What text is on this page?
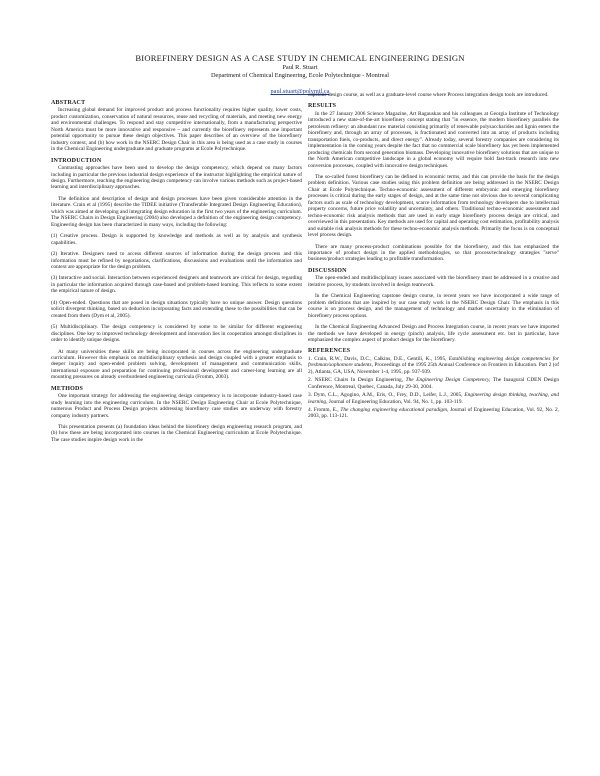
BIOREFINERY DESIGN AS A CASE STUDY IN CHEMICAL ENGINEERING DESIGN
Paul R. Stuart
Department of Chemical Engineering, Ecole Polytechnique - Montreal
paul.stuart@polymtl.ca
ABSTRACT

Increasing global demand for improved product and process functionality requires higher quality, lower costs, product customization, conservation of natural resources, reuse and recycling of materials, and meeting new energy and environmental challenges. To respond and stay competitive internationally, from a manufacturing perspective North America must be more innovative and responsive – and currently the biorefinery represents one important potential opportunity to pursue these design objectives. This paper describes of an overview of the biorefinery industry context, and (b) how work in the NSERC Design Chair in this area is being used as a case study in courses in the Chemical Engineering undergraduate and graduate programs at Ecole Polytechnique.

INTRODUCTION

Contrasting approaches have been used to develop the design competency, which depend on many factors including in particular the previous industrial design experience of the instructor highlighting the empirical nature of design. Furthermore, teaching the engineering design competency can involve various methods such as project-based learning and interdisciplinary approaches.

The definition and description of design and design processes have been given considerable attention in the literature. Crain et al (1995) describe the TIDEE initiative (Transferable Integrated Design Engineering Education), which was aimed at developing and integrating design education in the first two years of the engineering curriculum. The NSERC Chairs in Design Engineering (2004) also developed a definition of the engineering design competency. Engineering design has been characterized in many ways, including the following:

(1) Creative process. Design is supported by knowledge and methods as well as by analysis and synthesis capabilities.

(2) Iterative. Designers need to access different sources of information during the design process and this information must be refined by negotiations, clarifications, discussions and evaluations until the information and context are appropriate for the design problem.

(3) Interactive and social. Interaction between experienced designers and teamwork are critical for design, regarding in particular the information acquired through case-based and problem-based learning. This reflects to some extent the empirical nature of design.

(4) Open-ended. Questions that are posed in design situations typically have no unique answer. Design questions solicit divergent thinking, based on deduction incorporating facts and extending these to the possibilities that can be created from them (Dym et al, 2005).

(5) Multidisciplinary. The design competency is considered by some to be similar for different engineering disciplines. One key to improved technology development and innovation lies in cooperation amongst disciplines in order to identify unique designs.

At many universities these skills are being incorporated in courses across the engineering undergraduate curriculum. However this emphasis on multidisciplinary synthesis and design coupled with a greater emphasis to deeper inquiry and open-ended problem solving, development of management and communication skills, international exposure and preparation for continuing professional development and career-long learning are all mounting pressures on already overburdened engineering curricula (Fromm, 2003).

METHODS

One important strategy for addressing the engineering design competency is to incorporate industry-based case study learning into the engineering curriculum. In the NSERC Design Engineering Chair at Ecole Polytechnique, numerous Product and Process Design projects addressing biorefinery case studies are underway with forestry company industry partners.

This presentation presents (a) foundation ideas behind the biorefinery design engineering research program, and (b) how these are being incorporated into courses in the Chemical Engineering curriculum at Ecole Polytechnique. The case studies inspire design work in the

capstone design course, as well as a graduate-level course where Process integration design tools are introduced.

RESULTS

In the 27 January 2006 Science Magazine, Art Ragauskas and his colleagues at Georgia Institute of Technology introduced a new state-of-the-art biorefinery concept stating that "in essence, the modern biorefinery parallels the petroleum refinery: an abundant raw material consisting primarily of renewable polysaccharides and lignin enters the biorefinery and, through an array of processes, is fractionated and converted into an array of products including transportation fuels, co-products, and direct energy". Already today, several forestry companies are considering its implementation in the coming years despite the fact that no commercial scale biorefinery has yet been implemented producing chemicals from second generation biomass. Developing innovative biorefinery solutions that are unique to the North American competitive landscape in a global economy will require bold fast-track research into new conversion processes, coupled with innovative design techniques.

The so-called forest biorefinery can be defined in economic terms, and this can provide the basis for the design problem definition. Various case studies using this problem definition are being addressed in the NSERC Design Chair at Ecole Polytechnique. Techno-economic assessment of different embryonic and emerging biorefinery processes is critical during the early stages of design, and at the same time not obvious due to several complicating factors such as scale of technology development, scarce information from technology developers due to intellectual property concerns, future price volatility and uncertainty, and others. Traditional techno-economic assessment and techno-economic risk analysis methods that are used in early stage biorefinery process design are critical, and overviewed in this presentation. Key methods are used for capital and operating cost estimation, profitability analysis and suitable risk analysis methods for these techno-economic analysis methods. Primarily the focus is on conceptual level process design.

There are many process-product combinations possible for the biorefinery, and this has emphasized the importance of product design in the applied methodologies, so that process/technology strategies "serve" business/product strategies leading to profitable transformation.

DISCUSSION

The open-ended and multidisciplinary issues associated with the biorefinery must be addressed in a creative and iterative process, by students involved in design teamwork.

In the Chemical Engineering capstone design course, in recent years we have incorporated a wide range of problem definitions that are inspired by our case study work in the NSERC Design Chair. The emphasis in this course is on process design, and the management of technology and market uncertainty in the elimination of biorefinery process options.

In the Chemical Engineering Advanced Design and Process Integration course, in recent years we have imported the methods we have developed in energy (pinch) analysis, life cycle assessment etc. but in particular, have emphasized the complex aspect of product design for the biorefinery.

REFERENCES

1. Crain, R.W., Davis, D.C., Calkins, D.E., Gentili, K., 1995, Establishing engineering design competencies for freshman/sophomore students, Proceedings of the 1995 25th Annual Conference on Frontiers in Education. Part 2 (of 2), Atlanta, GA, USA, November 1-4, 1995, pp. 937-939.

2. NSERC Chairs In Design Engineering, The Engineering Design Competency, The Inaugural CDEN Design Conference, Montreal, Quebec, Canada, July 29-30, 2004.

3. Dym, C.L., Agogino, A.M., Eris, O., Frey, D.D., Leifer, L.J., 2005, Engineering design thinking, teaching, and learning, Journal of Engineering Education, Vol. 94, No. 1, pp. 103-119.

4. Fromm, E., The changing engineering educational paradigm, Journal of Engineering Education, Vol. 92, No. 2, 2003, pp. 113-121.
